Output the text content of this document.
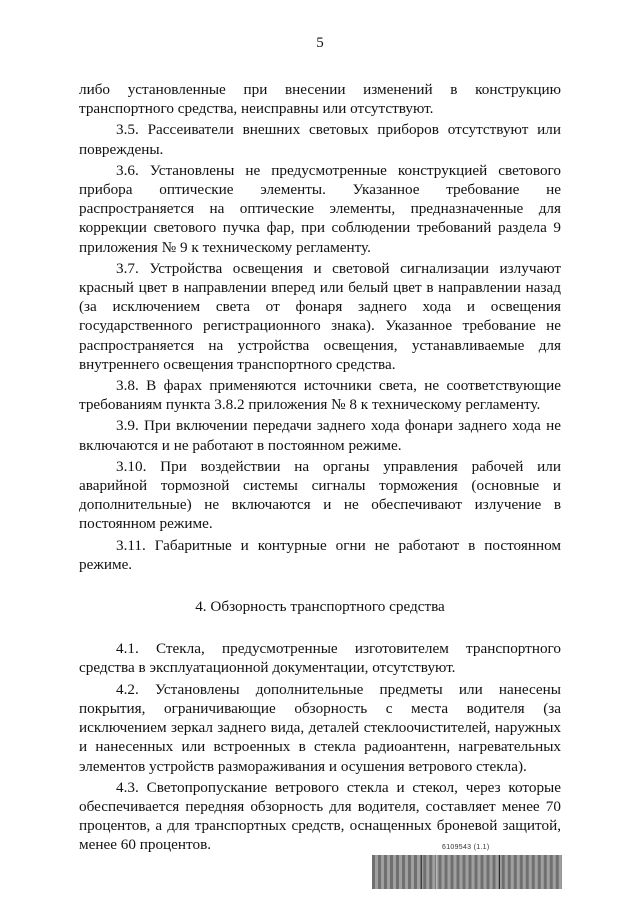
5

либо установленные при внесении изменений в конструкцию транспортного средства, неисправны или отсутствуют.

3.5. Рассеиватели внешних световых приборов отсутствуют или повреждены.

3.6. Установлены не предусмотренные конструкцией светового прибора оптические элементы. Указанное требование не распространяется на оптические элементы, предназначенные для коррекции светового пучка фар, при соблюдении требований раздела 9 приложения № 9 к техническому регламенту.

3.7. Устройства освещения и световой сигнализации излучают красный цвет в направлении вперед или белый цвет в направлении назад (за исключением света от фонаря заднего хода и освещения государственного регистрационного знака). Указанное требование не распространяется на устройства освещения, устанавливаемые для внутреннего освещения транспортного средства.

3.8. В фарах применяются источники света, не соответствующие требованиям пункта 3.8.2 приложения № 8 к техническому регламенту.

3.9. При включении передачи заднего хода фонари заднего хода не включаются и не работают в постоянном режиме.

3.10. При воздействии на органы управления рабочей или аварийной тормозной системы сигналы торможения (основные и дополнительные) не включаются и не обеспечивают излучение в постоянном режиме.

3.11. Габаритные и контурные огни не работают в постоянном режиме.

4. Обзорность транспортного средства

4.1. Стекла, предусмотренные изготовителем транспортного средства в эксплуатационной документации, отсутствуют.

4.2. Установлены дополнительные предметы или нанесены покрытия, ограничивающие обзорность с места водителя (за исключением зеркал заднего вида, деталей стеклоочистителей, наружных и нанесенных или встроенных в стекла радиоантенн, нагревательных элементов устройств размораживания и осушения ветрового стекла).

4.3. Светопропускание ветрового стекла и стекол, через которые обеспечивается передняя обзорность для водителя, составляет менее 70 процентов, а для транспортных средств, оснащенных броневой защитой, менее 60 процентов.	6109543 (1.1)
